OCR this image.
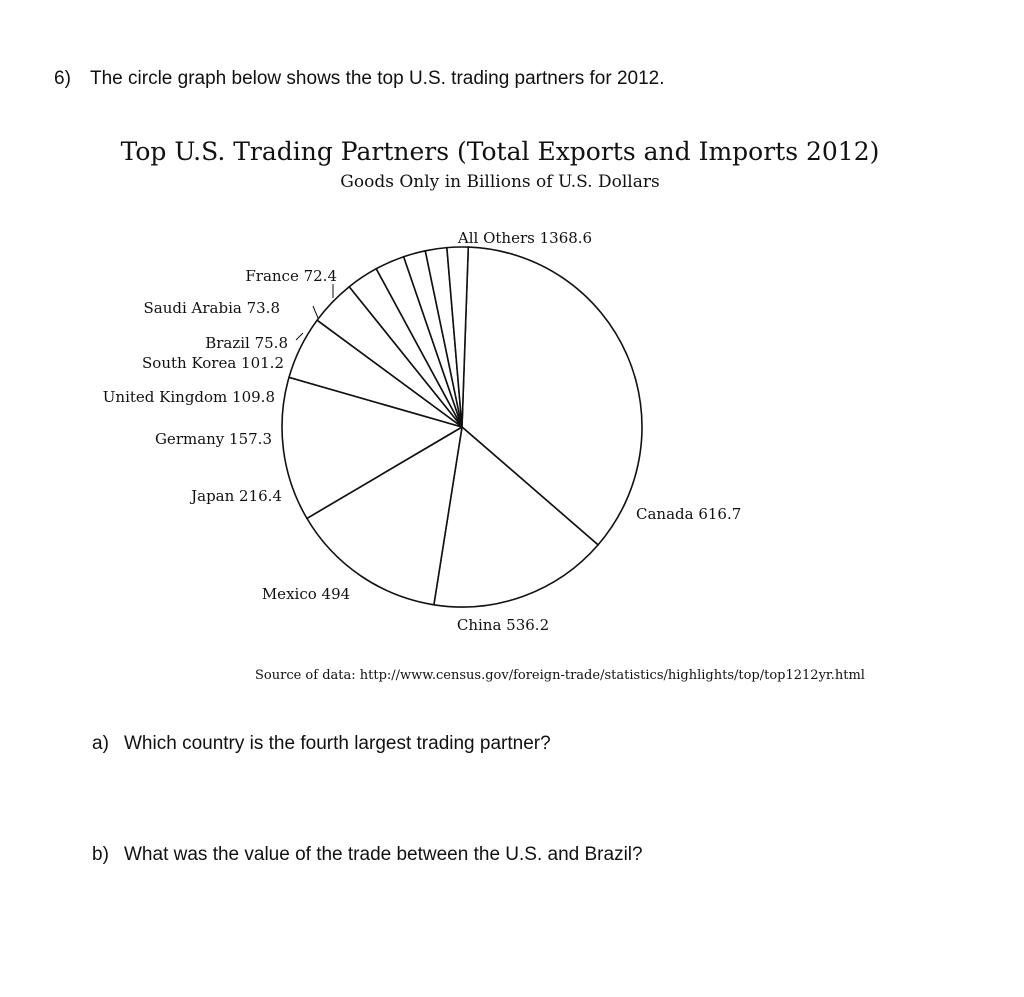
6) The circle graph below shows the top U.S. trading partners for 2012.
Top U.S. Trading Partners (Total Exports and Imports 2012)
Goods Only in Billions of U.S. Dollars
All Others 1368.6
Canada 616.7
China 536.2
Mexico 494
Japan 216.4
Germany 157.3
United Kingdom 109.8
South Korea 101.2
Brazil 75.8
Saudi Arabia 73.8
France 72.4
Source of data: http://www.census.gov/foreign-trade/statistics/highlights/top/top1212yr.html
a) Which country is the fourth largest trading partner?
b) What was the value of the trade between the U.S. and Brazil?
